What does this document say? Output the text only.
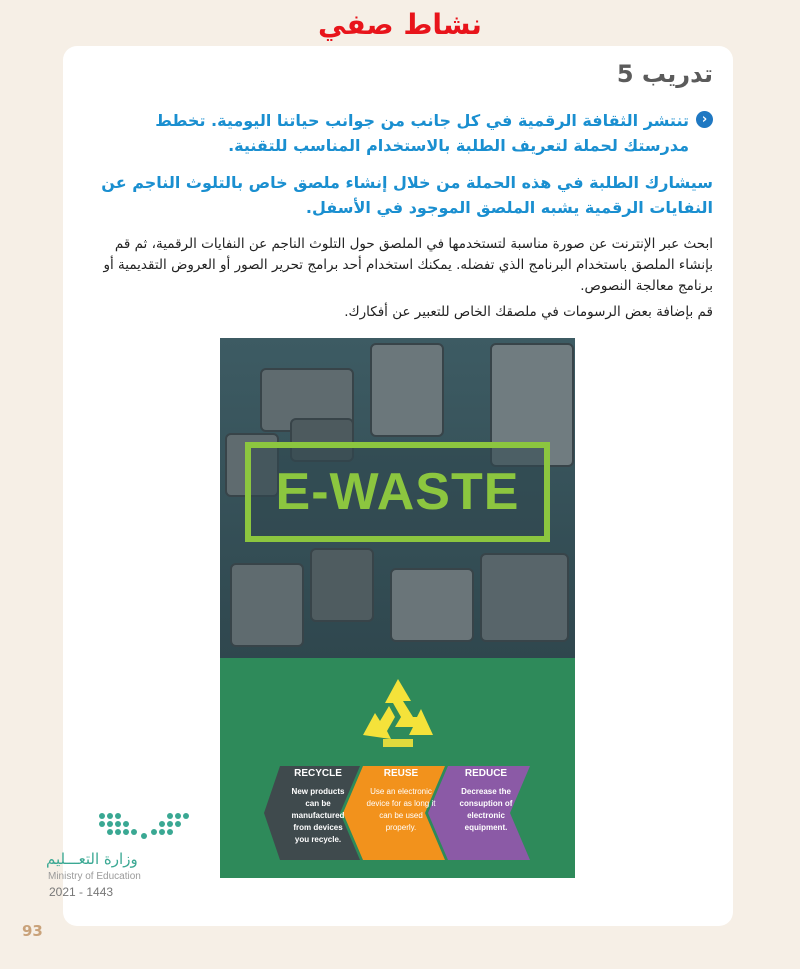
نشاط صفي
تدريب 5
‹
تنتشر الثقافة الرقمية في كل جانب من جوانب حياتنا اليومية. تخطط مدرستك لحملة لتعريف الطلبة بالاستخدام المناسب للتقنية.
سيشارك الطلبة في هذه الحملة من خلال إنشاء ملصق خاص بالتلوث الناجم عن النفايات الرقمية يشبه الملصق الموجود في الأسفل.
ابحث عبر الإنترنت عن صورة مناسبة لتستخدمها في الملصق حول التلوث الناجم عن النفايات الرقمية، ثم قم بإنشاء الملصق باستخدام البرنامج الذي تفضله. يمكنك استخدام أحد برامج تحرير الصور أو العروض التقديمية أو برنامج معالجة النصوص.
قم بإضافة بعض الرسومات في ملصقك الخاص للتعبير عن أفكارك.
E-WASTE
RECYCLE
New products can be manufactured from devices you recycle.
REUSE
Use an electronic device for as long it can be used properly.
REDUCE
Decrease the consuption of electronic equipment.
وزارة التعـــليم
Ministry of Education
2021 - 1443
93
